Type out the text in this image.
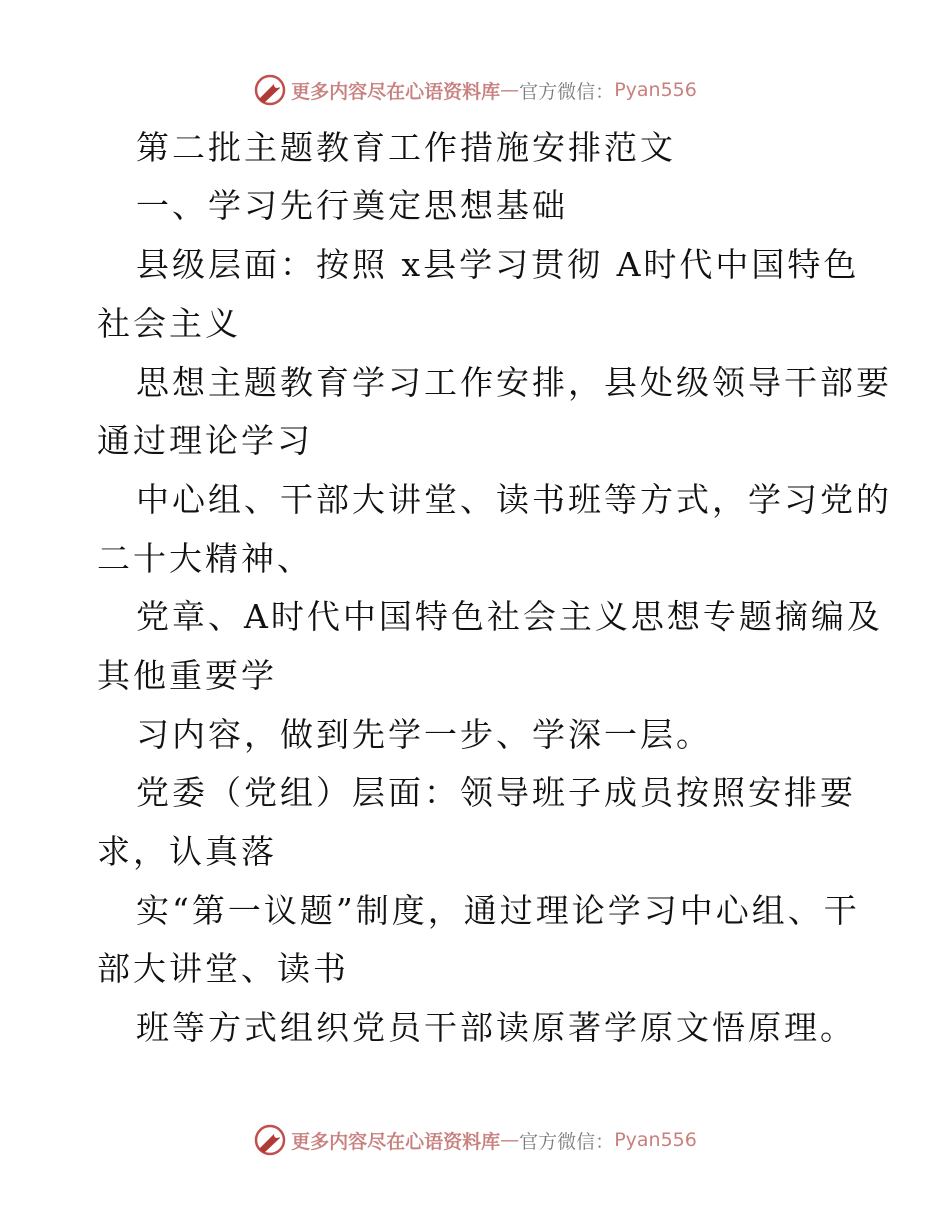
更多内容尽在心语资料库 — 官方微信： Pyan556
第二批主题教育工作措施安排范文
一、学习先行奠定思想基础
县级层面：按照 x县学习贯彻 A时代中国特色
社会主义
思想主题教育学习工作安排，县处级领导干部要
通过理论学习
中心组、干部大讲堂、读书班等方式，学习党的
二十大精神、
党章、A时代中国特色社会主义思想专题摘编及
其他重要学
习内容，做到先学一步、学深一层。
党委（党组）层面：领导班子成员按照安排要
求，认真落
实“第一议题”制度，通过理论学习中心组、干
部大讲堂、读书
班等方式组织党员干部读原著学原文悟原理。
更多内容尽在心语资料库 — 官方微信： Pyan556
